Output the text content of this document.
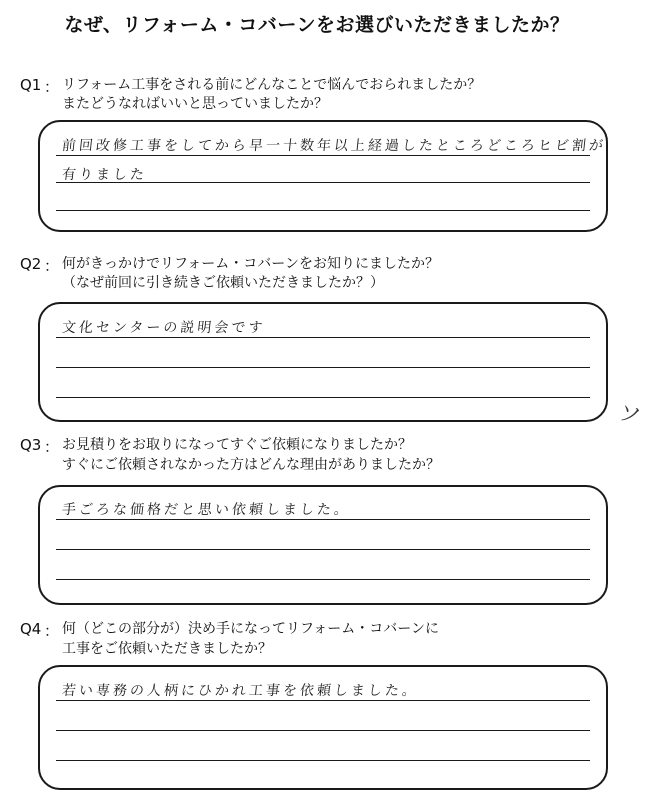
なぜ、リフォーム・コバーンをお選びいただきましたか？
Q1 ： リフォーム工事をされる前にどんなことで悩んでおられましたか？
またどうなればいいと思っていましたか？
前回改修工事をしてから早一十数年以上経過したところどころヒビ割が
有りました
Q2 ： 何がきっかけでリフォーム・コバーンをお知りにましたか？
（なぜ前回に引き続きご依頼いただきましたか？）
文化センターの説明会です
ソ
Q3 ： お見積りをお取りになってすぐご依頼になりましたか？
すぐにご依頼されなかった方はどんな理由がありましたか？
手ごろな価格だと思い依頼しました。
Q4 ： 何（どこの部分が）決め手になってリフォーム・コバーンに
工事をご依頼いただきましたか？
若い専務の人柄にひかれ工事を依頼しました。
